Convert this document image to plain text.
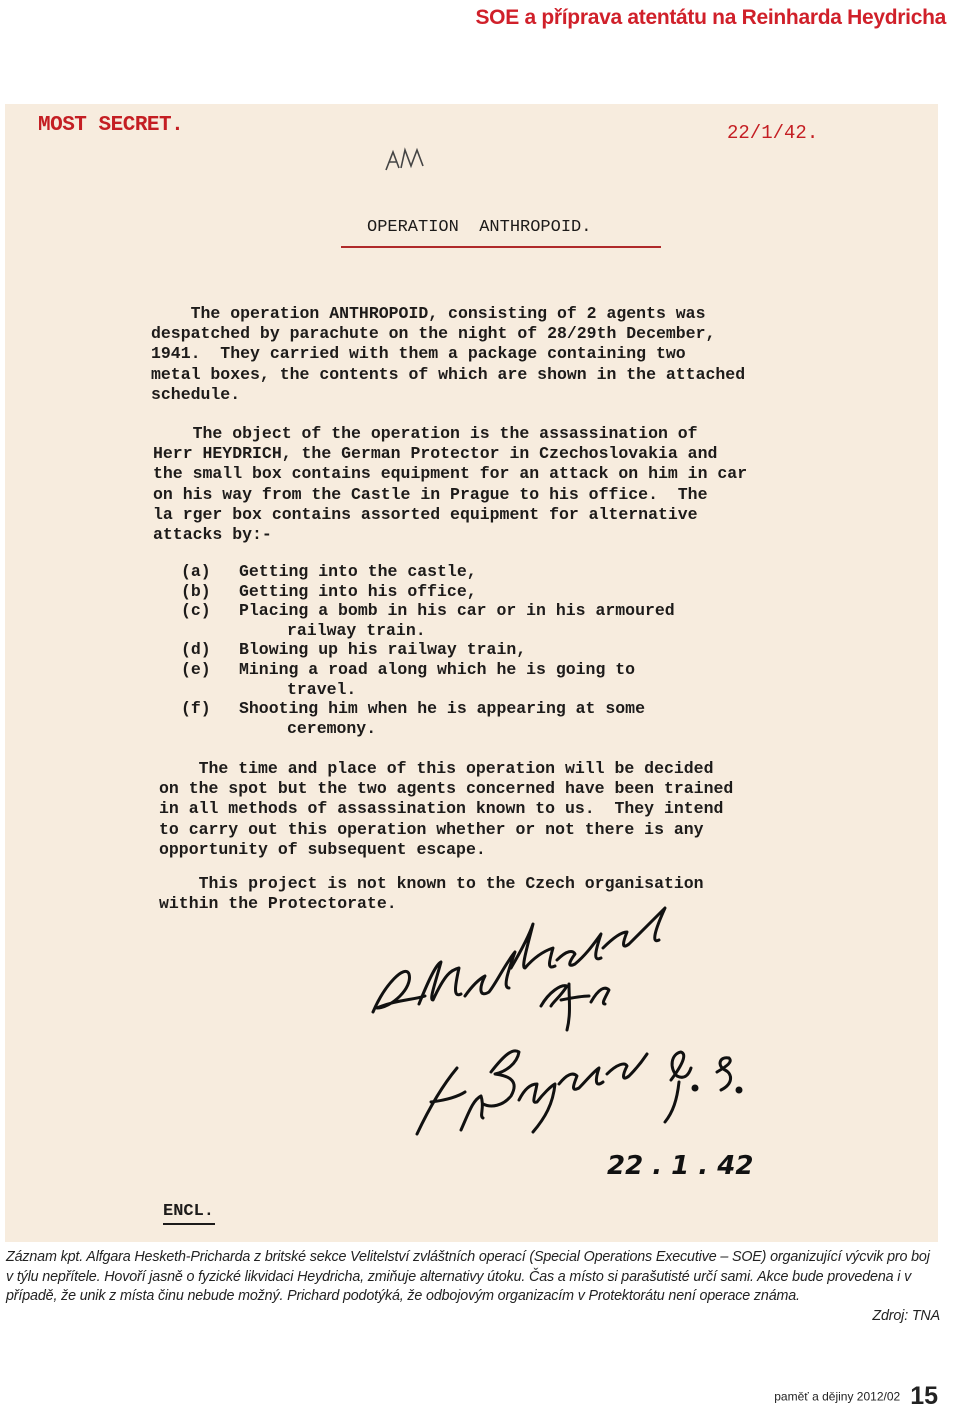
SOE a příprava atentátu na Reinharda Heydricha
MOST SECRET.	22/1/42.
OPERATION  ANTHROPOID.
The operation ANTHROPOID, consisting of 2 agents was
despatched by parachute on the night of 28/29th December,
1941.  They carried with them a package containing two
metal boxes, the contents of which are shown in the attached
schedule.
The object of the operation is the assassination of
Herr HEYDRICH, the German Protector in Czechoslovakia and
the small box contains equipment for an attack on him in car
on his way from the Castle in Prague to his office.  The
la rger box contains assorted equipment for alternative
attacks by:-
(a)	Getting into the castle,
(b)	Getting into his office,
(c)	Placing a bomb in his car or in his armoured
railway train.
(d)	Blowing up his railway train,
(e)	Mining a road along which he is going to
travel.
(f)	Shooting him when he is appearing at some
ceremony.
The time and place of this operation will be decided
on the spot but the two agents concerned have been trained
in all methods of assassination known to us.  They intend
to carry out this operation whether or not there is any
opportunity of subsequent escape.
This project is not known to the Czech organisation
within the Protectorate.
22 . 1 . 42
ENCL.
Záznam kpt. Alfgara Hesketh-Pricharda z britské sekce Velitelství zvláštních operací (Special Operations Executive – SOE) organizující výcvik pro boj v týlu nepřítele. Hovoří jasně o fyzické likvidaci Heydricha, zmiňuje alternativy útoku. Čas a místo si parašutisté určí sami. Akce bude provedena i v případě, že unik z místa činu nebude možný. Prichard podotýká, že odbojovým organizacím v Protektorátu není operace známa.
Zdroj: TNA
paměť a dějiny 2012/02 15
